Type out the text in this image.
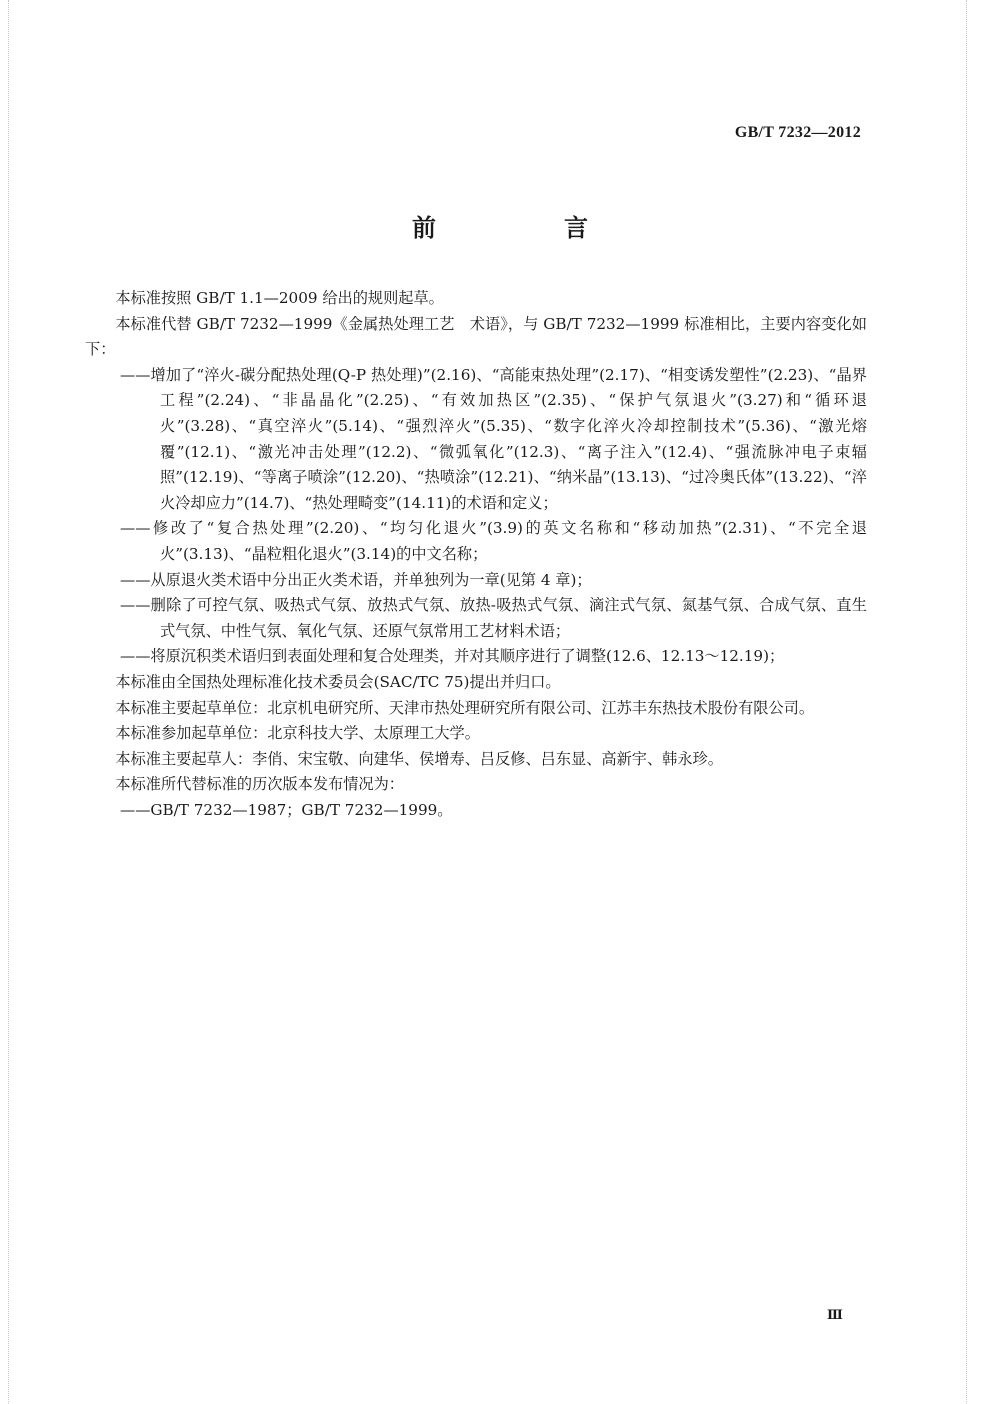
GB/T 7232—2012
前　言

本标准按照 GB/T 1.1—2009 给出的规则起草。

本标准代替 GB/T 7232—1999《金属热处理工艺　术语》，与 GB/T 7232—1999 标准相比，主要内容变化如下：

——增加了“淬火-碳分配热处理(Q-P 热处理)”(2.16)、“高能束热处理”(2.17)、“相变诱发塑性”(2.23)、“晶界工程”(2.24)、“非晶晶化”(2.25)、“有效加热区”(2.35)、“保护气氛退火”(3.27)和“循环退火”(3.28)、“真空淬火”(5.14)、“强烈淬火”(5.35)、“数字化淬火冷却控制技术”(5.36)、“激光熔覆”(12.1)、“激光冲击处理”(12.2)、“微弧氧化”(12.3)、“离子注入”(12.4)、“强流脉冲电子束辐照”(12.19)、“等离子喷涂”(12.20)、“热喷涂”(12.21)、“纳米晶”(13.13)、“过冷奥氏体”(13.22)、“淬火冷却应力”(14.7)、“热处理畸变”(14.11)的术语和定义；

——修改了“复合热处理”(2.20)、“均匀化退火”(3.9)的英文名称和“移动加热”(2.31)、“不完全退火”(3.13)、“晶粒粗化退火”(3.14)的中文名称；

——从原退火类术语中分出正火类术语，并单独列为一章(见第 4 章)；

——删除了可控气氛、吸热式气氛、放热式气氛、放热-吸热式气氛、滴注式气氛、氮基气氛、合成气氛、直生式气氛、中性气氛、氧化气氛、还原气氛常用工艺材料术语；

——将原沉积类术语归到表面处理和复合处理类，并对其顺序进行了调整(12.6、12.13～12.19)；

本标准由全国热处理标准化技术委员会(SAC/TC 75)提出并归口。

本标准主要起草单位：北京机电研究所、天津市热处理研究所有限公司、江苏丰东热技术股份有限公司。

本标准参加起草单位：北京科技大学、太原理工大学。

本标准主要起草人：李俏、宋宝敬、向建华、侯增寿、吕反修、吕东显、高新宇、韩永珍。

本标准所代替标准的历次版本发布情况为：

——GB/T 7232—1987；GB/T 7232—1999。

Ⅲ
